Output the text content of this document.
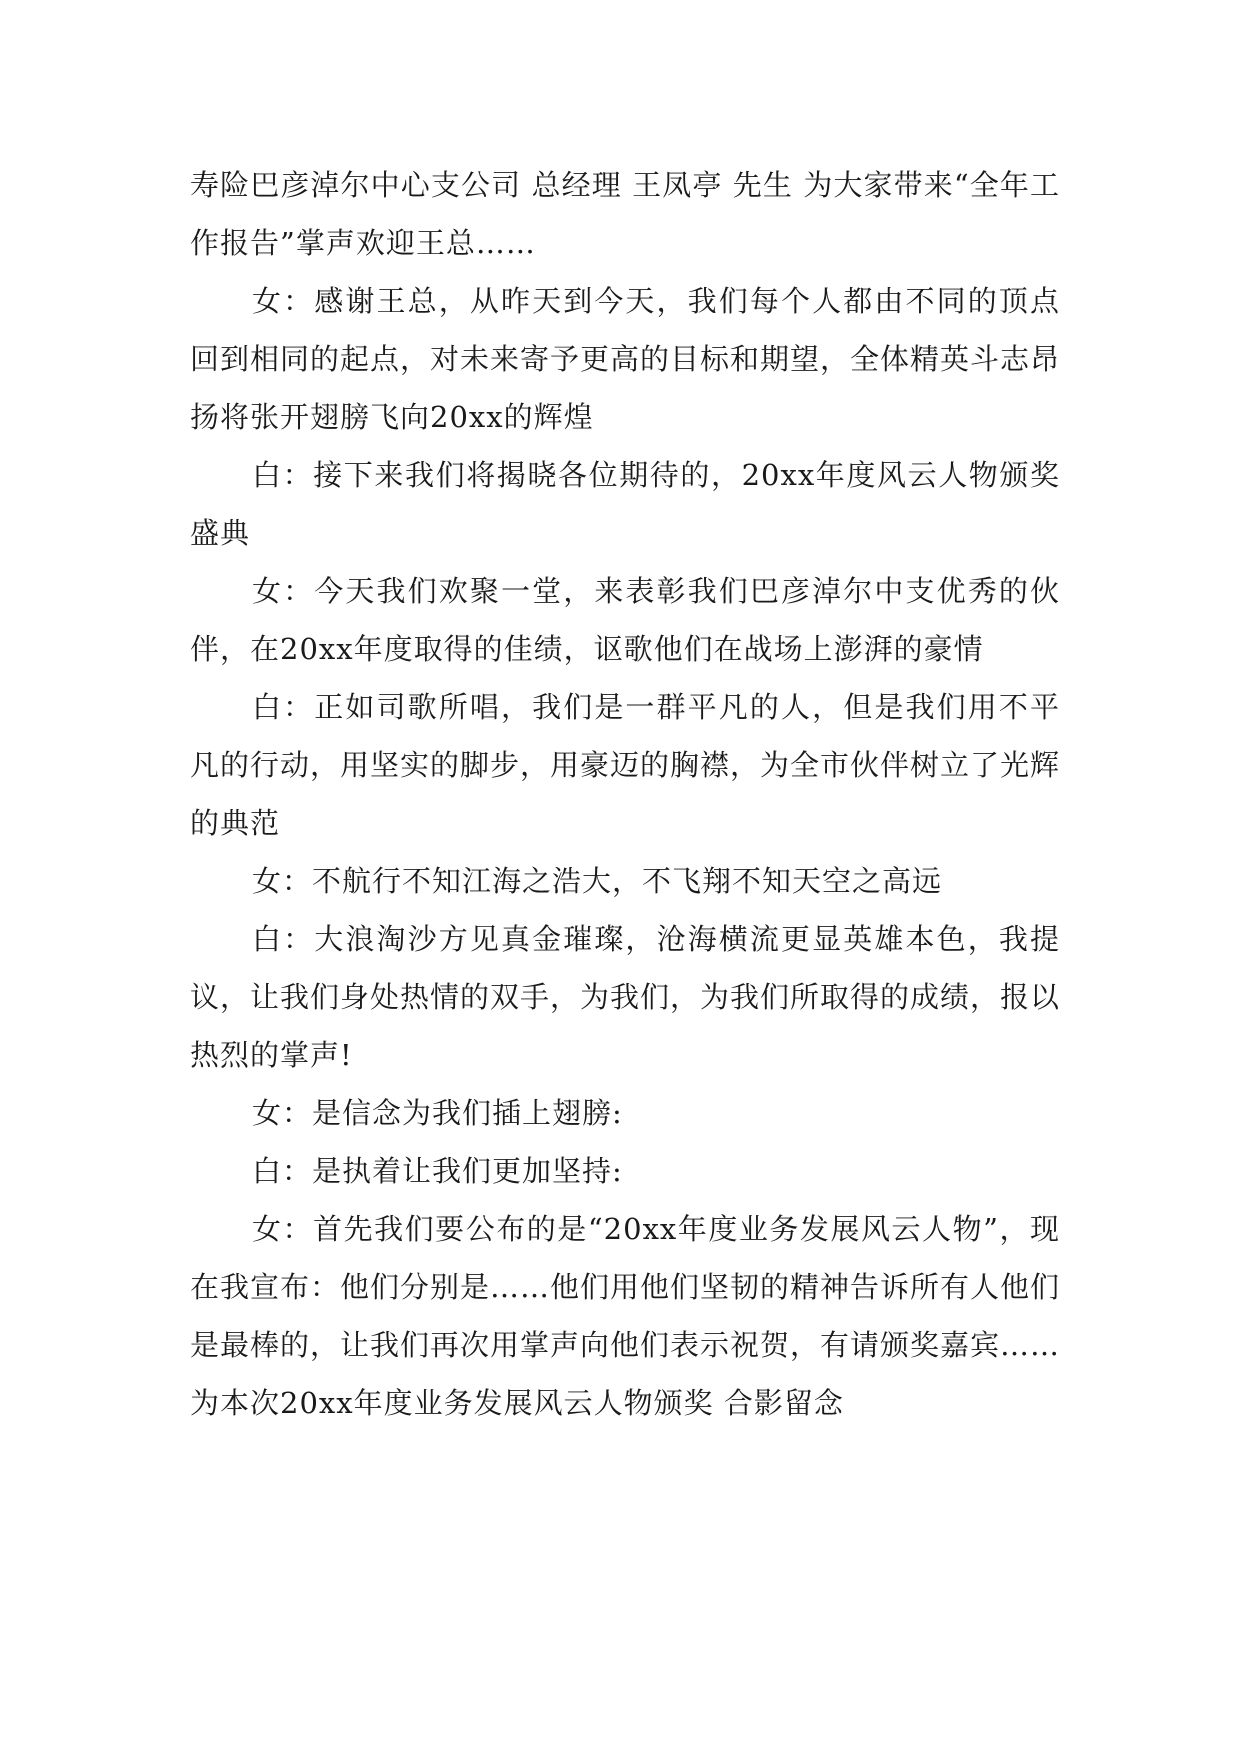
寿险巴彦淖尔中心支公司 总经理 王凤亭 先生 为大家带来“全年工作报告”掌声欢迎王总……

女：感谢王总，从昨天到今天，我们每个人都由不同的顶点回到相同的起点，对未来寄予更高的目标和期望，全体精英斗志昂扬将张开翅膀飞向20xx的辉煌

白：接下来我们将揭晓各位期待的，20xx年度风云人物颁奖盛典

女：今天我们欢聚一堂，来表彰我们巴彦淖尔中支优秀的伙伴，在20xx年度取得的佳绩，讴歌他们在战场上澎湃的豪情

白：正如司歌所唱，我们是一群平凡的人，但是我们用不平凡的行动，用坚实的脚步，用豪迈的胸襟，为全市伙伴树立了光辉的典范

女：不航行不知江海之浩大，不飞翔不知天空之高远

白：大浪淘沙方见真金璀璨，沧海横流更显英雄本色，我提议，让我们身处热情的双手，为我们，为我们所取得的成绩，报以热烈的掌声!

女：是信念为我们插上翅膀:

白：是执着让我们更加坚持:

女：首先我们要公布的是“20xx年度业务发展风云人物”，现在我宣布：他们分别是……他们用他们坚韧的精神告诉所有人他们是最棒的，让我们再次用掌声向他们表示祝贺，有请颁奖嘉宾……为本次20xx年度业务发展风云人物颁奖 合影留念
